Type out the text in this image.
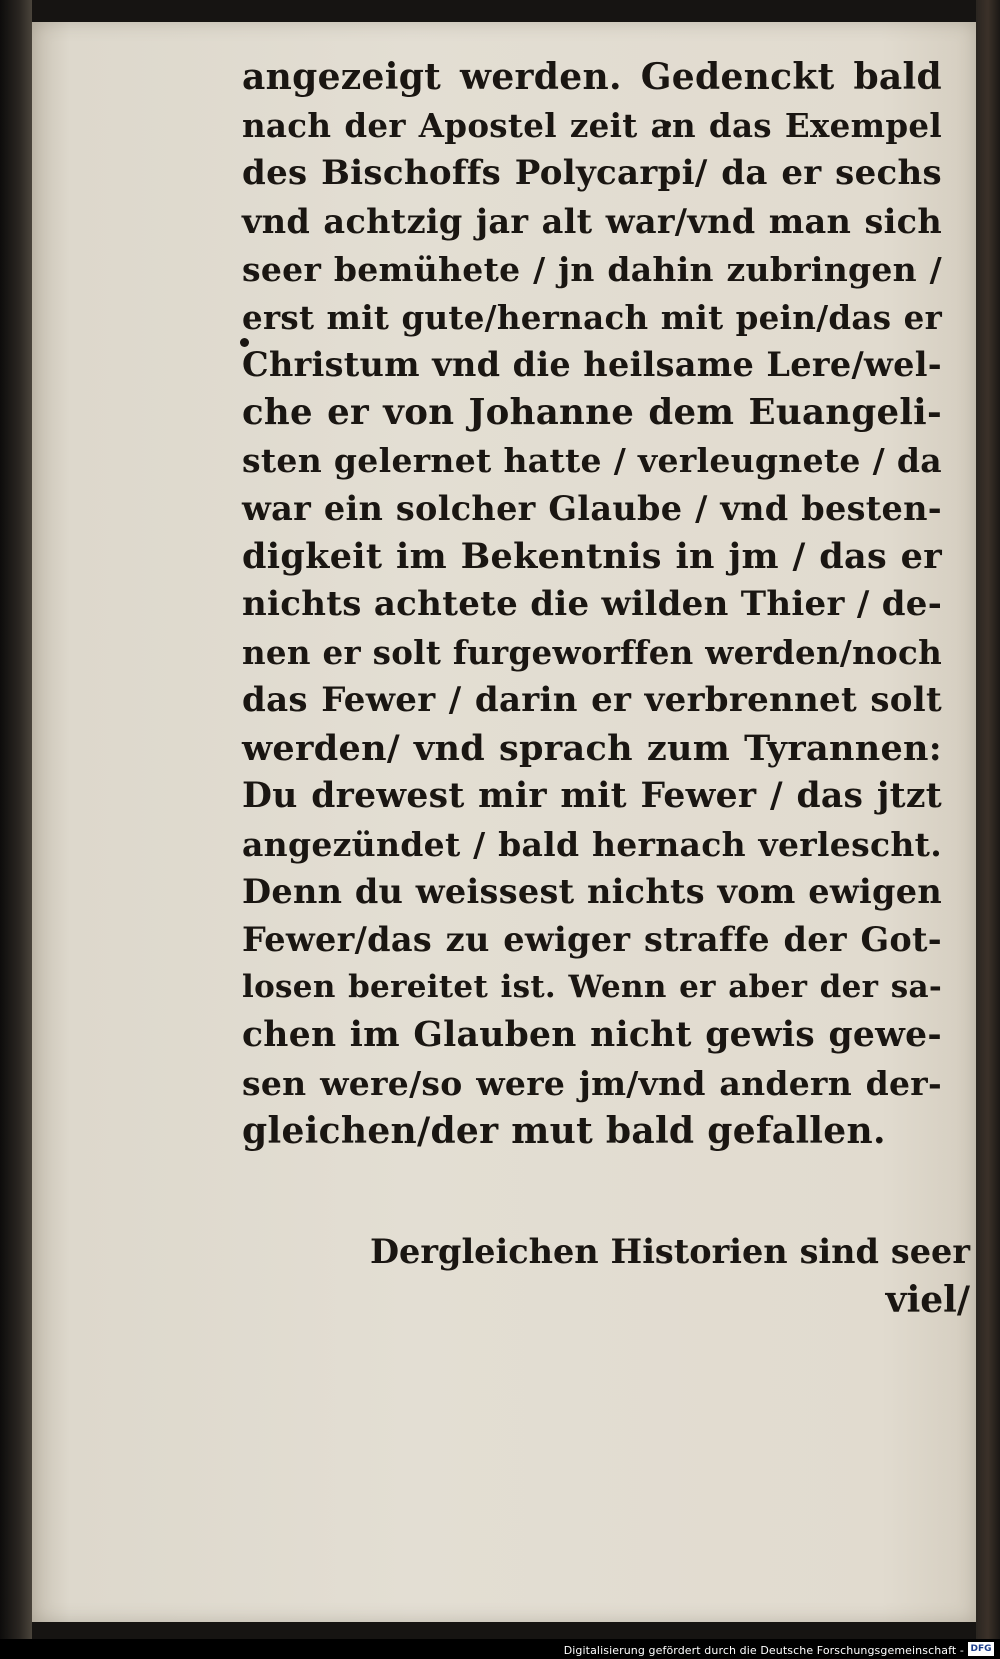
angezeigt werden. Gedenckt bald
nach der Apostel zeit an das Exempel
des Bischoffs Polycarpi/ da er sechs
vnd achtzig jar alt war/vnd man sich
seer bemühete / jn dahin zubringen /
erst mit gute/hernach mit pein/das er
Christum vnd die heilsame Lere/wel-
che er von Johanne dem Euangeli-
sten gelernet hatte / verleugnete / da
war ein solcher Glaube / vnd besten-
digkeit im Bekentnis in jm / das er
nichts achtete die wilden Thier / de-
nen er solt furgeworffen werden/noch
das Fewer / darin er verbrennet solt
werden/ vnd sprach zum Tyrannen:
Du drewest mir mit Fewer / das jtzt
angezündet / bald hernach verlescht.
Denn du weissest nichts vom ewigen
Fewer/das zu ewiger straffe der Got-
losen bereitet ist. Wenn er aber der sa-
chen im Glauben nicht gewis gewe-
sen were/so were jm/vnd andern der-
gleichen/der mut bald gefallen.
Dergleichen Historien sind seer
viel/
Digitalisierung gefördert durch die Deutsche Forschungsgemeinschaft - DFG
